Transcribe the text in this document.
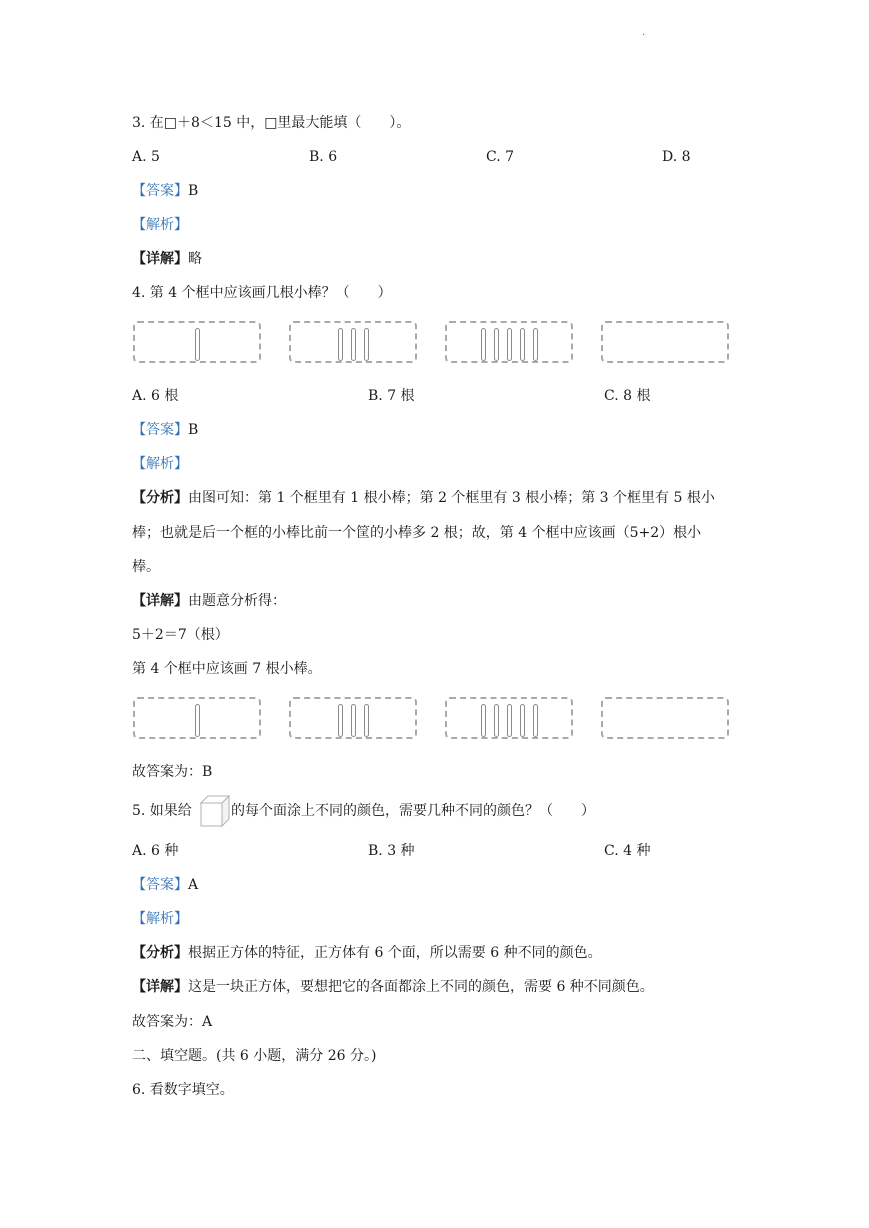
·
3. 在□＋8＜15 中，□里最大能填（　　）。
A. 5	B. 6	C. 7	D. 8
【答案】B
【解析】
【详解】略
4. 第 4 个框中应该画几根小棒？（　　）
A. 6 根	B. 7 根	C. 8 根
【答案】B
【解析】
【分析】由图可知：第 1 个框里有 1 根小棒；第 2 个框里有 3 根小棒；第 3 个框里有 5 根小
棒；也就是后一个框的小棒比前一个筐的小棒多 2 根；故，第 4 个框中应该画（5+2）根小
棒。
【详解】由题意分析得：
5＋2＝7（根）
第 4 个框中应该画 7 根小棒。
故答案为：B
5. 如果给	的每个面涂上不同的颜色，需要几种不同的颜色？（　　）
A. 6 种	B. 3 种	C. 4 种
【答案】A
【解析】
【分析】根据正方体的特征，正方体有 6 个面，所以需要 6 种不同的颜色。
【详解】这是一块正方体，要想把它的各面都涂上不同的颜色，需要 6 种不同颜色。
故答案为：A
二、填空题。(共 6 小题，满分 26 分。)
6. 看数字填空。
